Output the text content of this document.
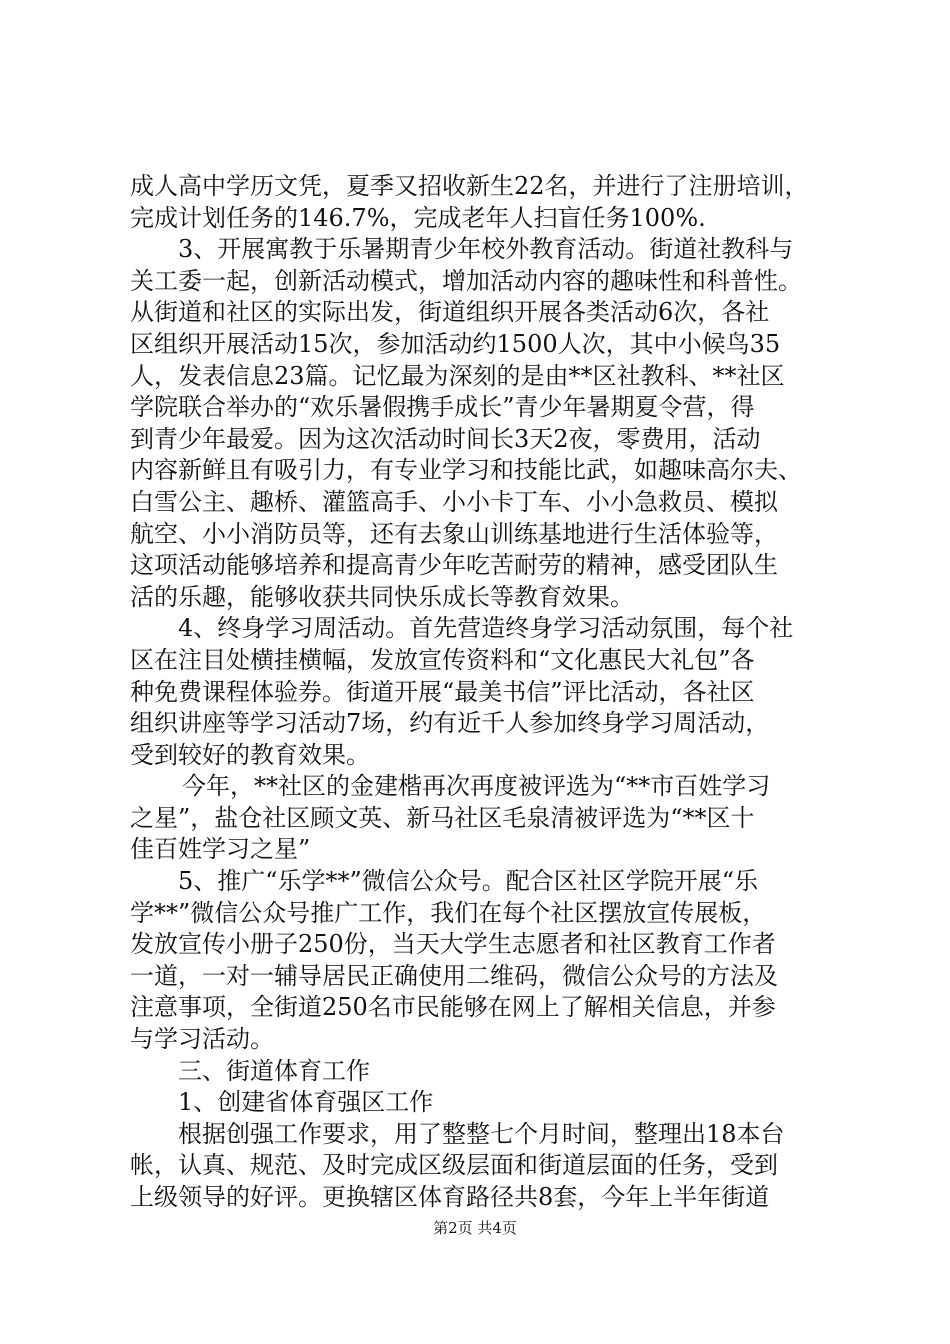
成人高中学历文凭，夏季又招收新生22名，并进行了注册培训，
完成计划任务的146.7%，完成老年人扫盲任务100%.
3、开展寓教于乐暑期青少年校外教育活动。街道社教科与
关工委一起，创新活动模式，增加活动内容的趣味性和科普性。
从街道和社区的实际出发，街道组织开展各类活动6次，各社
区组织开展活动15次，参加活动约1500人次，其中小候鸟35
人，发表信息23篇。记忆最为深刻的是由**区社教科、**社区
学院联合举办的“欢乐暑假携手成长”青少年暑期夏令营，得
到青少年最爱。因为这次活动时间长3天2夜，零费用，活动
内容新鲜且有吸引力，有专业学习和技能比武，如趣味高尔夫、
白雪公主、趣桥、灌篮高手、小小卡丁车、小小急救员、模拟
航空、小小消防员等，还有去象山训练基地进行生活体验等，
这项活动能够培养和提高青少年吃苦耐劳的精神，感受团队生
活的乐趣，能够收获共同快乐成长等教育效果。
4、终身学习周活动。首先营造终身学习活动氛围，每个社
区在注目处横挂横幅，发放宣传资料和“文化惠民大礼包”各
种免费课程体验券。街道开展“最美书信”评比活动，各社区
组织讲座等学习活动7场，约有近千人参加终身学习周活动，
受到较好的教育效果。
今年，**社区的金建楷再次再度被评选为“**市百姓学习
之星”，盐仓社区顾文英、新马社区毛泉清被评选为“**区十
佳百姓学习之星”
5、推广“乐学**”微信公众号。配合区社区学院开展“乐
学**”微信公众号推广工作，我们在每个社区摆放宣传展板，
发放宣传小册子250份，当天大学生志愿者和社区教育工作者
一道，一对一辅导居民正确使用二维码，微信公众号的方法及
注意事项，全街道250名市民能够在网上了解相关信息，并参
与学习活动。
三、街道体育工作
1、创建省体育强区工作
根据创强工作要求，用了整整七个月时间，整理出18本台
帐，认真、规范、及时完成区级层面和街道层面的任务，受到
上级领导的好评。更换辖区体育路径共8套，今年上半年街道
第2页 共4页
